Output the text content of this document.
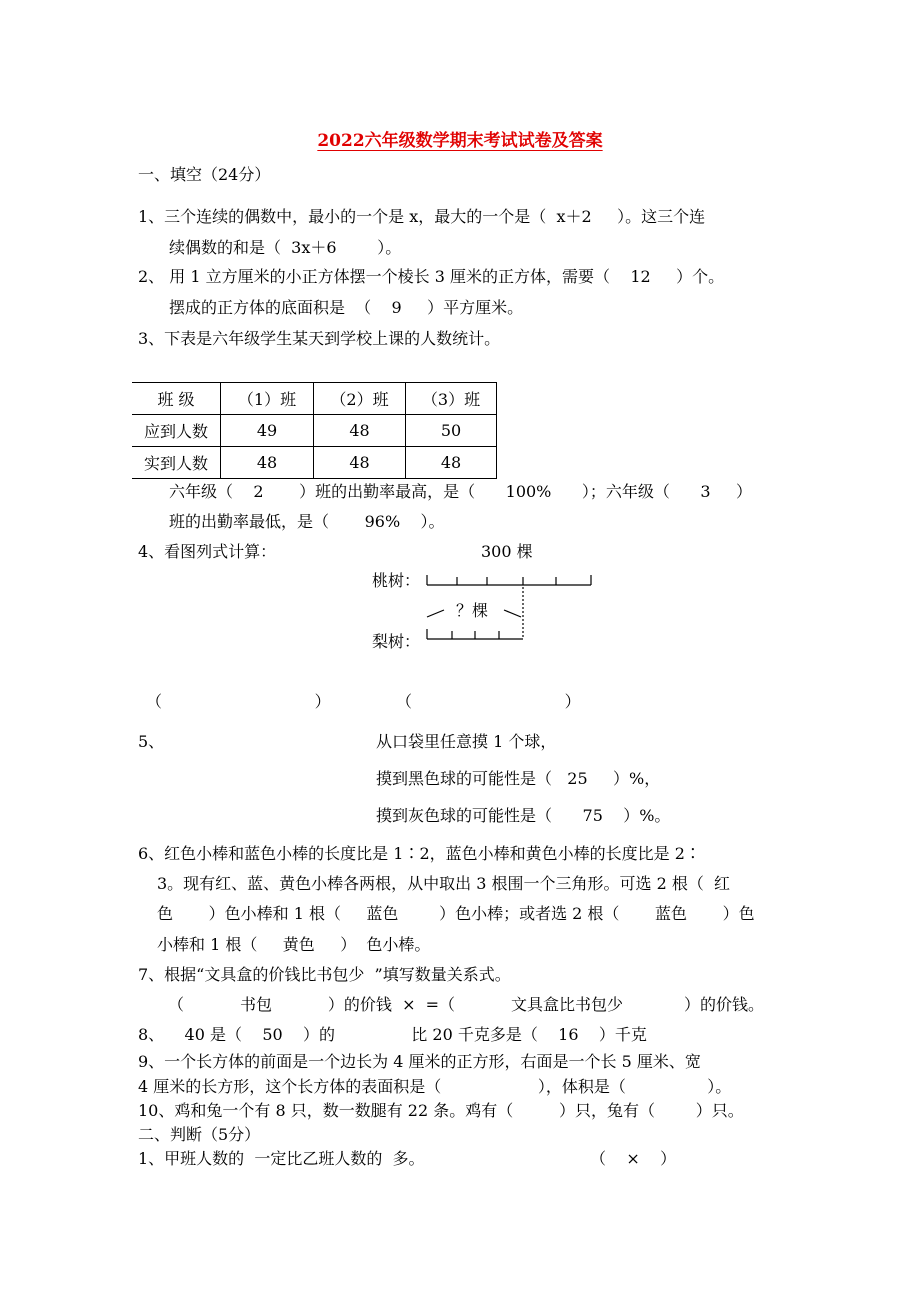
2022六年级数学期末考试试卷及答案
一、填空（24分）
1、三个连续的偶数中，最小的一个是 x，最大的一个是（  x＋2     ）。这三个连
续偶数的和是（  3x＋6        ）。
2、 用 1 立方厘米的小正方体摆一个棱长 3 厘米的正方体，需要（    12     ）个。
摆成的正方体的底面积是  （    9     ）平方厘米。
3、下表是六年级学生某天到学校上课的人数统计。
班 级	（1）班	（2）班	（3）班
应到人数	49	48	50
实到人数	48	48	48
六年级（    2       ）班的出勤率最高，是（      100%      ）；六年级（      3     ）
班的出勤率最低，是（       96%    ）。
4、看图列式计算：	300 棵
桃树：
？棵
梨树：
（                              ）	（                              ）
5、	从口袋里任意摸 1 个球，
摸到黑色球的可能性是（   25     ）%，
摸到灰色球的可能性是（      75    ）%。
6、红色小棒和蓝色小棒的长度比是 1∶2，蓝色小棒和黄色小棒的长度比是 2∶
3。现有红、蓝、黄色小棒各两根，从中取出 3 根围一个三角形。可选 2 根（  红
色       ）色小棒和 1 根（     蓝色        ）色小棒；或者选 2 根（       蓝色       ）色
小棒和 1 根（     黄色     ）  色小棒。
7、根据“文具盒的价钱比书包少  ”填写数量关系式。
（           书包           ）的价钱  ×  =（           文具盒比书包少            ）的价钱。
8、    40 是（    50    ）的               比 20 千克多是（    16    ）千克
9、一个长方体的前面是一个边长为 4 厘米的正方形，右面是一个长 5 厘米、宽
4 厘米的长方形，这个长方体的表面积是（                   ），体积是（                ）。
10、鸡和兔一个有 8 只，数一数腿有 22 条。鸡有（         ）只，兔有（        ）只。
二、判断（5分）
1、甲班人数的  一定比乙班人数的  多。	（    ×    ）
